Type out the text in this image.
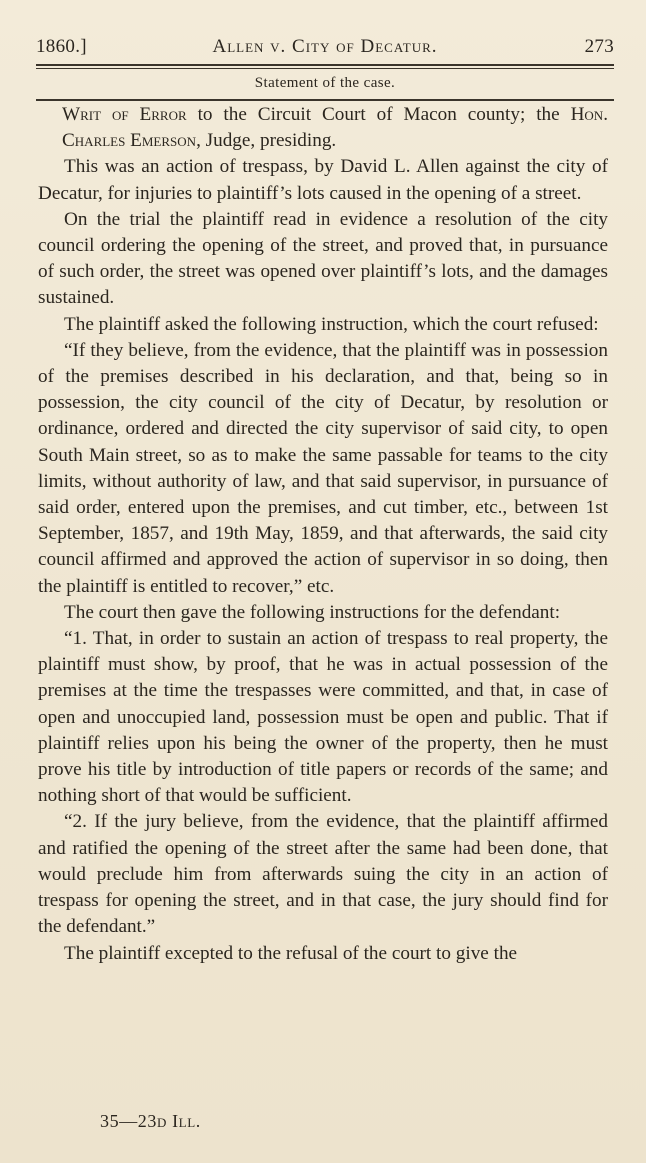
1860.]	Allen v. City of Decatur.	273
Statement of the case.

Writ of Error to the Circuit Court of Macon county; the Hon. Charles Emerson, Judge, presiding.

This was an action of trespass, by David L. Allen against the city of Decatur, for injuries to plaintiff’s lots caused in the opening of a street.

On the trial the plaintiff read in evidence a resolution of the city council ordering the opening of the street, and proved that, in pursuance of such order, the street was opened over plaintiff’s lots, and the damages sustained.

The plaintiff asked the following instruction, which the court refused:

“If they believe, from the evidence, that the plaintiff was in possession of the premises described in his declaration, and that, being so in possession, the city council of the city of Decatur, by resolution or ordinance, ordered and directed the city supervisor of said city, to open South Main street, so as to make the same passable for teams to the city limits, without authority of law, and that said supervisor, in pursuance of said order, entered upon the premises, and cut timber, etc., between 1st September, 1857, and 19th May, 1859, and that afterwards, the said city council affirmed and approved the action of supervisor in so doing, then the plaintiff is entitled to recover,” etc.

The court then gave the following instructions for the defendant:

“1. That, in order to sustain an action of trespass to real property, the plaintiff must show, by proof, that he was in actual possession of the premises at the time the trespasses were committed, and that, in case of open and unoccupied land, possession must be open and public. That if plaintiff relies upon his being the owner of the property, then he must prove his title by introduction of title papers or records of the same; and nothing short of that would be sufficient.

“2. If the jury believe, from the evidence, that the plaintiff affirmed and ratified the opening of the street after the same had been done, that would preclude him from afterwards suing the city in an action of trespass for opening the street, and in that case, the jury should find for the defendant.”

The plaintiff excepted to the refusal of the court to give the

35—23d Ill.
